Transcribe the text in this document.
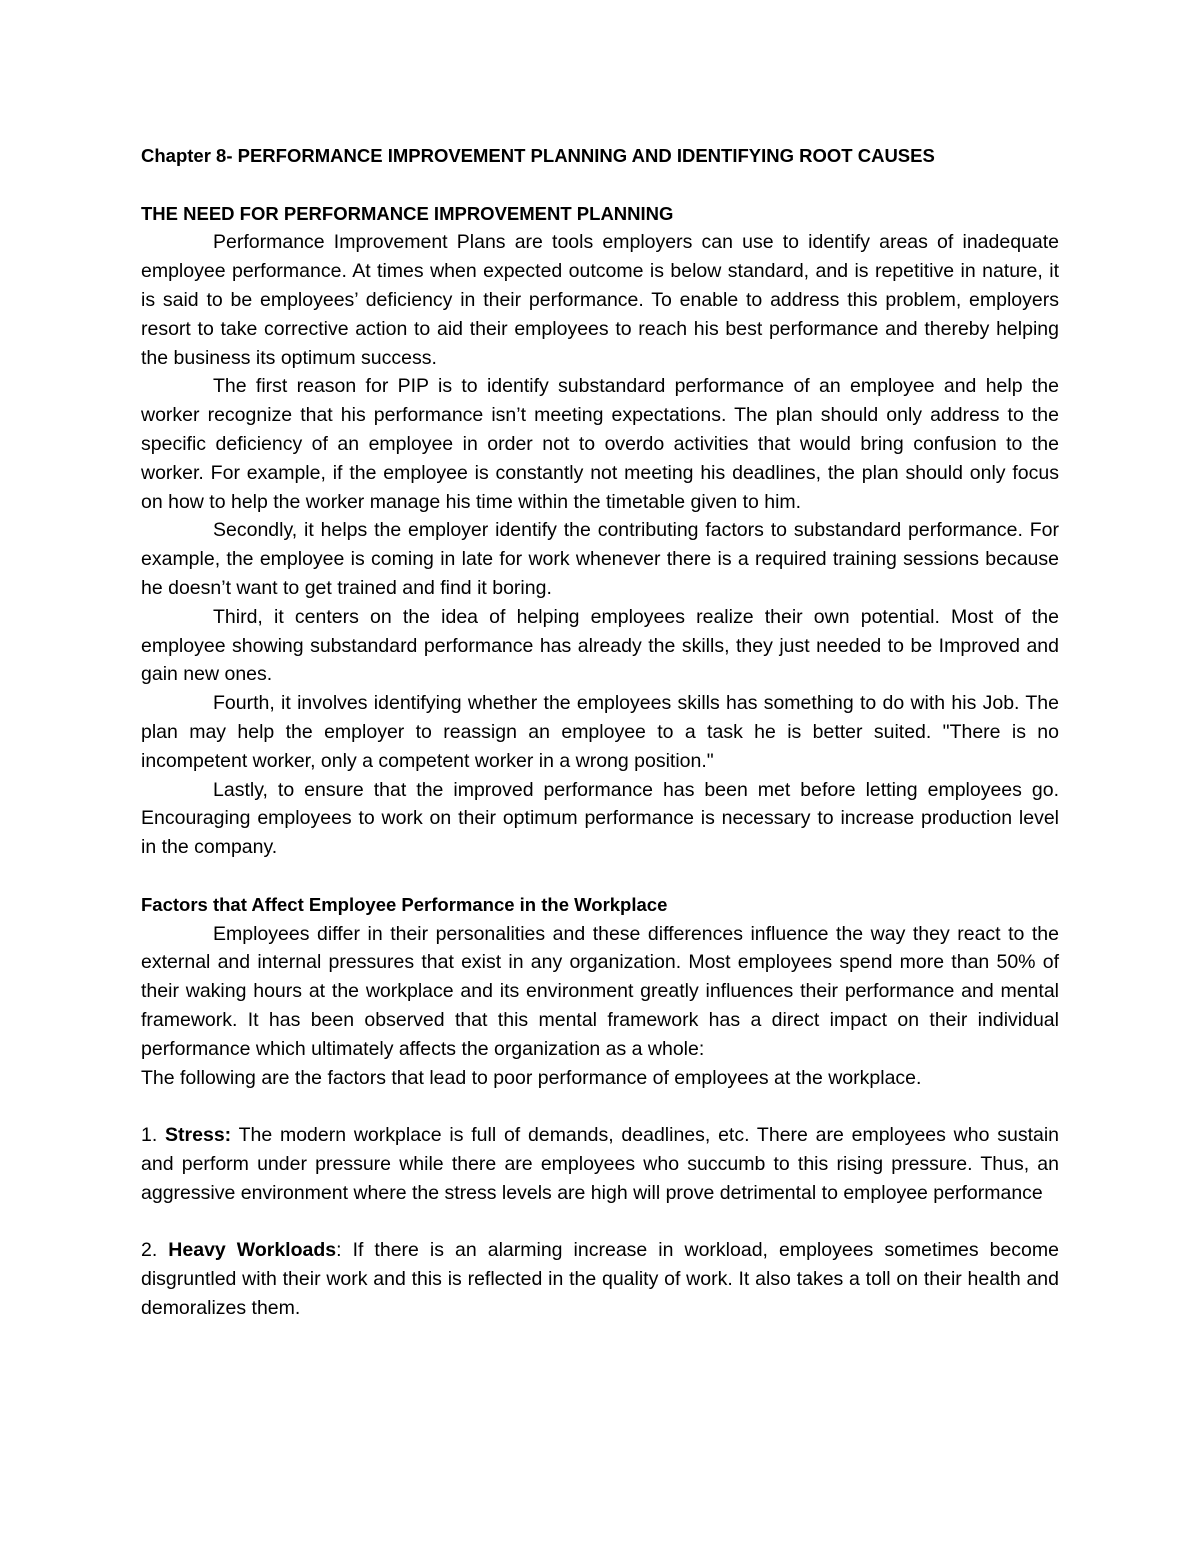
Chapter 8- PERFORMANCE IMPROVEMENT PLANNING AND IDENTIFYING ROOT CAUSES

THE NEED FOR PERFORMANCE IMPROVEMENT PLANNING

Performance Improvement Plans are tools employers can use to identify areas of inadequate employee performance. At times when expected outcome is below standard, and is repetitive in nature, it is said to be employees’ deficiency in their performance. To enable to address this problem, employers resort to take corrective action to aid their employees to reach his best performance and thereby helping the business its optimum success.

The first reason for PIP is to identify substandard performance of an employee and help the worker recognize that his performance isn’t meeting expectations. The plan should only address to the specific deficiency of an employee in order not to overdo activities that would bring confusion to the worker. For example, if the employee is constantly not meeting his deadlines, the plan should only focus on how to help the worker manage his time within the timetable given to him.

Secondly, it helps the employer identify the contributing factors to substandard performance. For example, the employee is coming in late for work whenever there is a required training sessions because he doesn’t want to get trained and find it boring.

Third, it centers on the idea of helping employees realize their own potential. Most of the employee showing substandard performance has already the skills, they just needed to be Improved and gain new ones.

Fourth, it involves identifying whether the employees skills has something to do with his Job. The plan may help the employer to reassign an employee to a task he is better suited. "There is no incompetent worker, only a competent worker in a wrong position."

Lastly, to ensure that the improved performance has been met before letting employees go. Encouraging employees to work on their optimum performance is necessary to increase production level in the company.

Factors that Affect Employee Performance in the Workplace

Employees differ in their personalities and these differences influence the way they react to the external and internal pressures that exist in any organization. Most employees spend more than 50% of their waking hours at the workplace and its environment greatly influences their performance and mental framework. It has been observed that this mental framework has a direct impact on their individual performance which ultimately affects the organization as a whole:

The following are the factors that lead to poor performance of employees at the workplace.

1. Stress: The modern workplace is full of demands, deadlines, etc. There are employees who sustain and perform under pressure while there are employees who succumb to this rising pressure. Thus, an aggressive environment where the stress levels are high will prove detrimental to employee performance

2. Heavy Workloads: If there is an alarming increase in workload, employees sometimes become disgruntled with their work and this is reflected in the quality of work. It also takes a toll on their health and demoralizes them.
